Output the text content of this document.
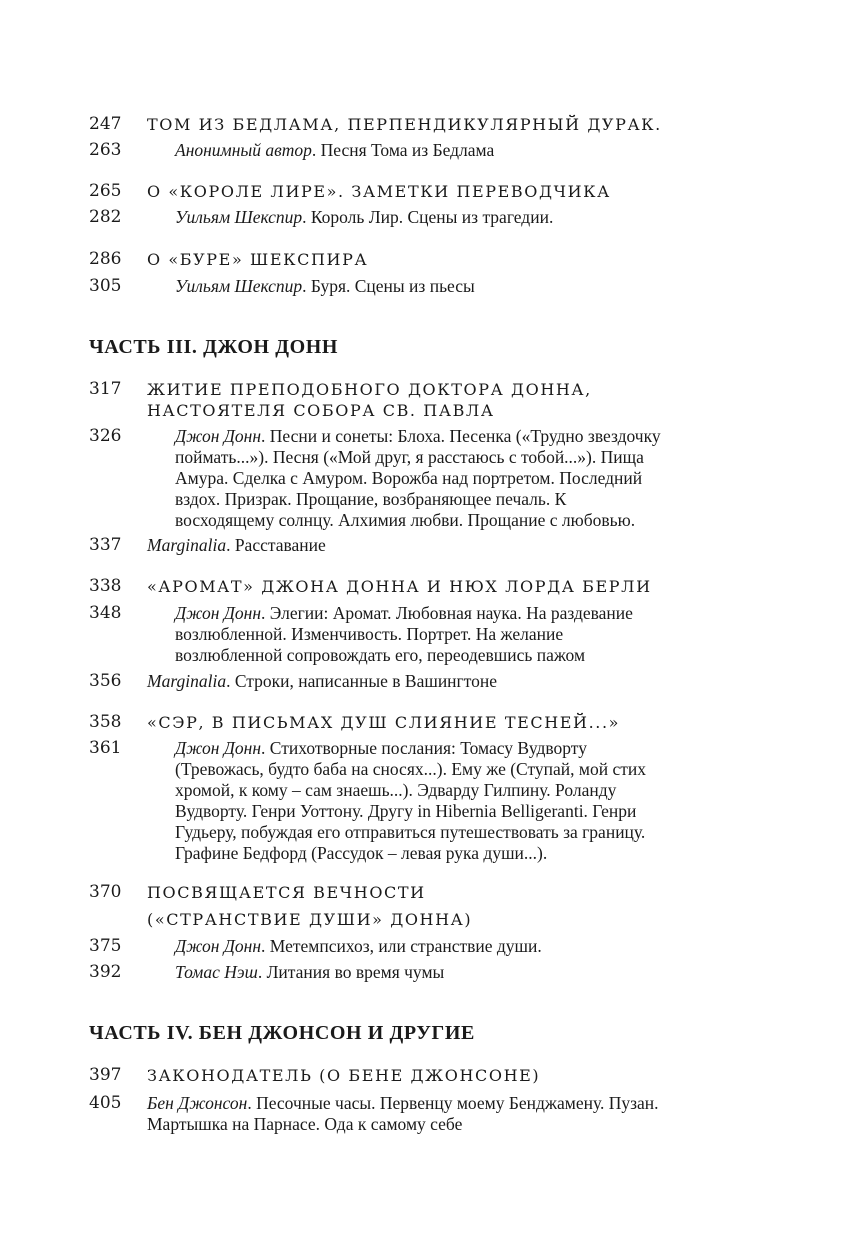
247 ТОМ ИЗ БЕДЛАМА, ПЕРПЕНДИКУЛЯРНЫЙ ДУРАК.
263	Анонимный автор. Песня Тома из Бедлама
265 О «КОРОЛЕ ЛИРЕ». ЗАМЕТКИ ПЕРЕВОДЧИКА
282	Уильям Шекспир. Король Лир. Сцены из трагедии.
286 О «БУРЕ» ШЕКСПИРА
305	Уильям Шекспир. Буря. Сцены из пьесы
ЧАСТЬ III. ДЖОН ДОНН
317 ЖИТИЕ ПРЕПОДОБНОГО ДОКТОРА ДОННА,
НАСТОЯТЕЛЯ СОБОРА СВ. ПАВЛА
326	Джон Донн. Песни и сонеты: Блоха. Песенка («Трудно звездочку
поймать...»). Песня («Мой друг, я расстаюсь с тобой...»). Пища
Амура. Сделка с Амуром. Ворожба над портретом. Последний
вздох. Призрак. Прощание, возбраняющее печаль. К
восходящему солнцу. Алхимия любви. Прощание с любовью.
337 Marginalia. Расставание
338 «АРОМАТ» ДЖОНА ДОННА И НЮХ ЛОРДА БЕРЛИ
348	Джон Донн. Элегии: Аромат. Любовная наука. На раздевание
возлюбленной. Изменчивость. Портрет. На желание
возлюбленной сопровождать его, переодевшись пажом
356 Marginalia. Строки, написанные в Вашингтоне
358 «СЭР, В ПИСЬМАХ ДУШ СЛИЯНИЕ ТЕСНЕЙ...»
361	Джон Донн. Стихотворные послания: Томасу Вудворту
(Тревожась, будто баба на сносях...). Ему же (Ступай, мой стих
хромой, к кому – сам знаешь...). Эдварду Гилпину. Роланду
Вудворту. Генри Уоттону. Другу in Hibernia Belligeranti. Генри
Гудьеру, побуждая его отправиться путешествовать за границу.
Графине Бедфорд (Рассудок – левая рука души...).
370 ПОСВЯЩАЕТСЯ ВЕЧНОСТИ
(«СТРАНСТВИЕ ДУШИ» ДОННА)
375	Джон Донн. Метемпсихоз, или странствие души.
392	Томас Нэш. Литания во время чумы
ЧАСТЬ IV. БЕН ДЖОНСОН И ДРУГИЕ
397 ЗАКОНОДАТЕЛЬ (О БЕНЕ ДЖОНСОНЕ)
405 Бен Джонсон. Песочные часы. Первенцу моему Бенджамену. Пузан.
Мартышка на Парнасе. Ода к самому себе
